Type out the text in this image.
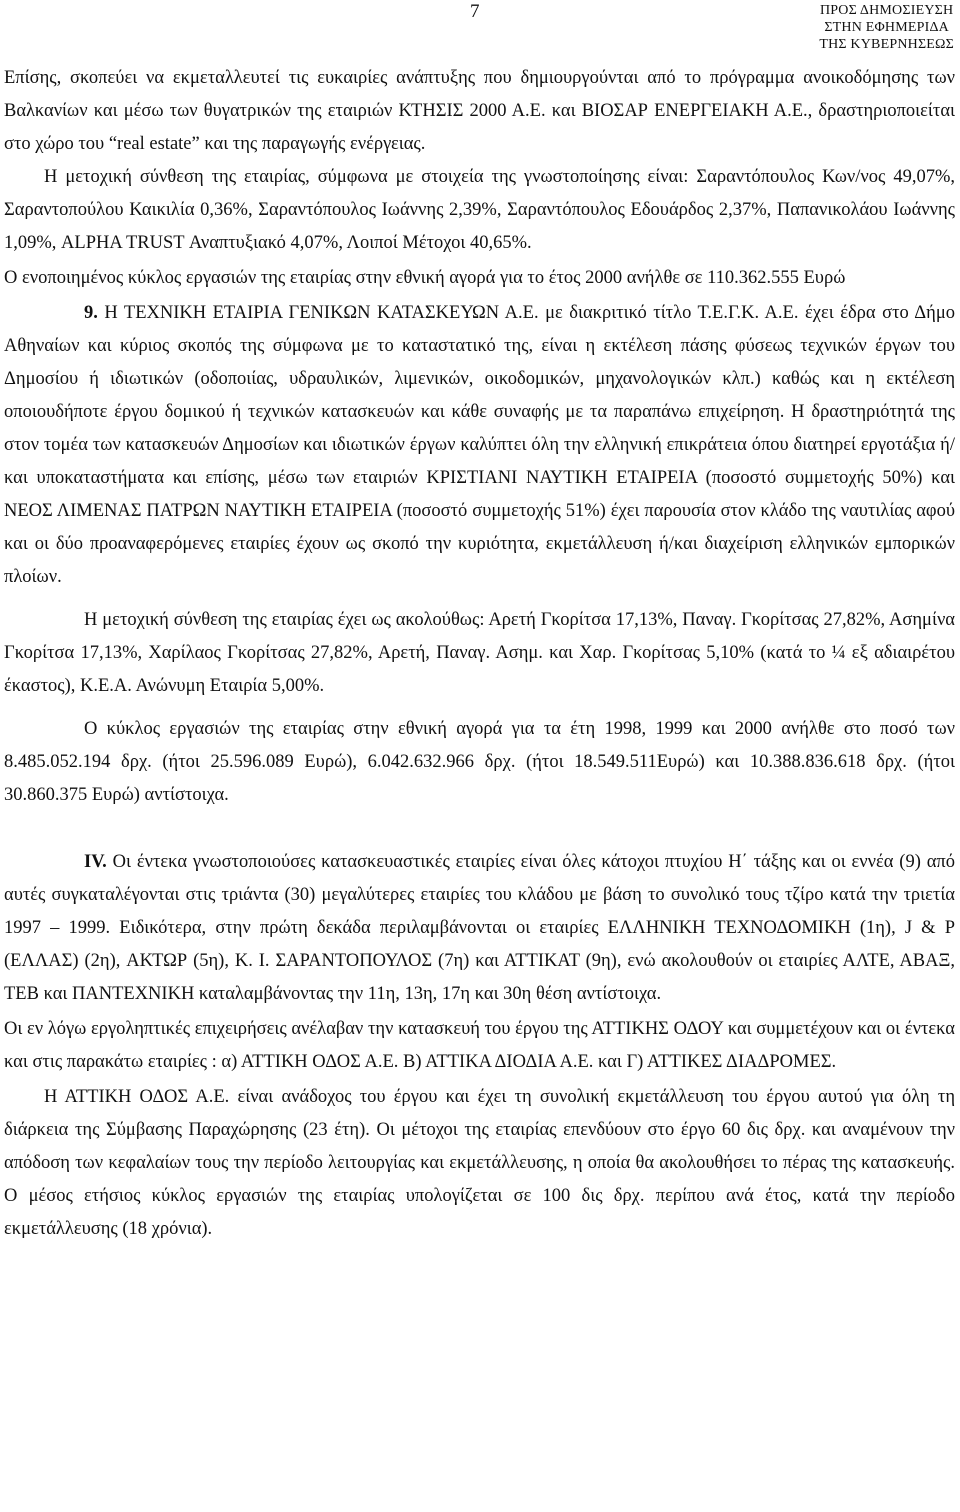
7	ΠΡΟΣ ΔΗΜΟΣΙΕΥΣΗ
ΣΤΗΝ ΕΦΗΜΕΡΙΔΑ
ΤΗΣ ΚΥΒΕΡΝΗΣΕΩΣ

Επίσης, σκοπεύει να εκμεταλλευτεί τις ευκαιρίες ανάπτυξης που δημιουργούνται από το πρόγραμμα ανοικοδόμησης των Βαλκανίων και μέσω των θυγατρικών της εταιριών ΚΤΗΣΙΣ 2000 Α.Ε. και ΒΙΟΣΑΡ ΕΝΕΡΓΕΙΑΚΗ Α.Ε., δραστηριοποιείται στο χώρο του “real estate” και της παραγωγής ενέργειας.

Η μετοχική σύνθεση της εταιρίας, σύμφωνα με στοιχεία της γνωστοποίησης είναι: Σαραντόπουλος Κων/νος 49,07%, Σαραντοπούλου Καικιλία 0,36%, Σαραντόπουλος Ιωάννης 2,39%, Σαραντόπουλος Εδουάρδος 2,37%, Παπανικολάου Ιωάννης 1,09%, ALPHA TRUST Αναπτυξιακό 4,07%, Λοιποί Μέτοχοι 40,65%.

Ο ενοποιημένος κύκλος εργασιών της εταιρίας στην εθνική αγορά για το έτος 2000 ανήλθε σε 110.362.555 Ευρώ

9. Η ΤΕΧΝΙΚΗ ΕΤΑΙΡΙΑ ΓΕΝΙΚΩΝ ΚΑΤΑΣΚΕΥΩΝ Α.Ε. με διακριτικό τίτλο Τ.Ε.Γ.Κ. Α.Ε. έχει έδρα στο Δήμο Αθηναίων και κύριος σκοπός της σύμφωνα με το καταστατικό της, είναι η εκτέλεση πάσης φύσεως τεχνικών έργων του Δημοσίου ή ιδιωτικών (οδοποιίας, υδραυλικών, λιμενικών, οικοδομικών, μηχανολογικών κλπ.) καθώς και η εκτέλεση οποιουδήποτε έργου δομικού ή τεχνικών κατασκευών και κάθε συναφής με τα παραπάνω επιχείρηση. Η δραστηριότητά της στον τομέα των κατασκευών Δημοσίων και ιδιωτικών έργων καλύπτει όλη την ελληνική επικράτεια όπου διατηρεί εργοτάξια ή/και υποκαταστήματα και επίσης, μέσω των εταιριών ΚΡΙΣΤΙΑΝΙ ΝΑΥΤΙΚΗ ΕΤΑΙΡΕΙΑ (ποσοστό συμμετοχής 50%) και ΝΕΟΣ ΛΙΜΕΝΑΣ ΠΑΤΡΩΝ ΝΑΥΤΙΚΗ ΕΤΑΙΡΕΙΑ (ποσοστό συμμετοχής 51%) έχει παρουσία στον κλάδο της ναυτιλίας αφού και οι δύο προαναφερόμενες εταιρίες έχουν ως σκοπό την κυριότητα, εκμετάλλευση ή/και διαχείριση ελληνικών εμπορικών πλοίων.

Η μετοχική σύνθεση της εταιρίας έχει ως ακολούθως: Αρετή Γκορίτσα 17,13%, Παναγ. Γκορίτσας 27,82%, Ασημίνα Γκορίτσα 17,13%, Χαρίλαος Γκορίτσας 27,82%, Αρετή, Παναγ. Ασημ. και Χαρ. Γκορίτσας 5,10% (κατά το ¼ εξ αδιαιρέτου έκαστος), Κ.Ε.Α. Ανώνυμη Εταιρία 5,00%.

Ο κύκλος εργασιών της εταιρίας στην εθνική αγορά για τα έτη 1998, 1999 και 2000 ανήλθε στο ποσό των 8.485.052.194 δρχ. (ήτοι 25.596.089 Ευρώ), 6.042.632.966 δρχ. (ήτοι 18.549.511Ευρώ) και 10.388.836.618 δρχ. (ήτοι 30.860.375 Ευρώ) αντίστοιχα.

IV. Οι έντεκα γνωστοποιούσες κατασκευαστικές εταιρίες είναι όλες κάτοχοι πτυχίου Η΄ τάξης και οι εννέα (9) από αυτές συγκαταλέγονται στις τριάντα (30) μεγαλύτερες εταιρίες του κλάδου με βάση το συνολικό τους τζίρο κατά την τριετία 1997 – 1999. Ειδικότερα, στην πρώτη δεκάδα περιλαμβάνονται οι εταιρίες ΕΛΛΗΝΙΚΗ ΤΕΧΝΟΔΟΜΙΚΗ (1η), J & P (ΕΛΛΑΣ) (2η), ΑΚΤΩΡ (5η), Κ. Ι. ΣΑΡΑΝΤΟΠΟΥΛΟΣ (7η) και ΑΤΤΙΚΑΤ (9η), ενώ ακολουθούν οι εταιρίες ΑΛΤΕ, ΑΒΑΞ, ΤΕΒ και ΠΑΝΤΕΧΝΙΚΗ καταλαμβάνοντας την 11η, 13η, 17η και 30η θέση αντίστοιχα.

Οι εν λόγω εργοληπτικές επιχειρήσεις ανέλαβαν την κατασκευή του έργου της ΑΤΤΙΚΗΣ ΟΔΟΥ και συμμετέχουν και οι έντεκα και στις παρακάτω εταιρίες : α) ΑΤΤΙΚΗ ΟΔΟΣ Α.Ε. Β) ΑΤΤΙΚΑ ΔΙΟΔΙΑ Α.Ε. και Γ) ΑΤΤΙΚΕΣ ΔΙΑΔΡΟΜΕΣ.

Η ΑΤΤΙΚΗ ΟΔΟΣ Α.Ε. είναι ανάδοχος του έργου και έχει τη συνολική εκμετάλλευση του έργου αυτού για όλη τη διάρκεια της Σύμβασης Παραχώρησης (23 έτη). Οι μέτοχοι της εταιρίας επενδύουν στο έργο 60 δις δρχ. και αναμένουν την απόδοση των κεφαλαίων τους την περίοδο λειτουργίας και εκμετάλλευσης, η οποία θα ακολουθήσει το πέρας της κατασκευής. Ο μέσος ετήσιος κύκλος εργασιών της εταιρίας υπολογίζεται σε 100 δις δρχ. περίπου ανά έτος, κατά την περίοδο εκμετάλλευσης (18 χρόνια).
